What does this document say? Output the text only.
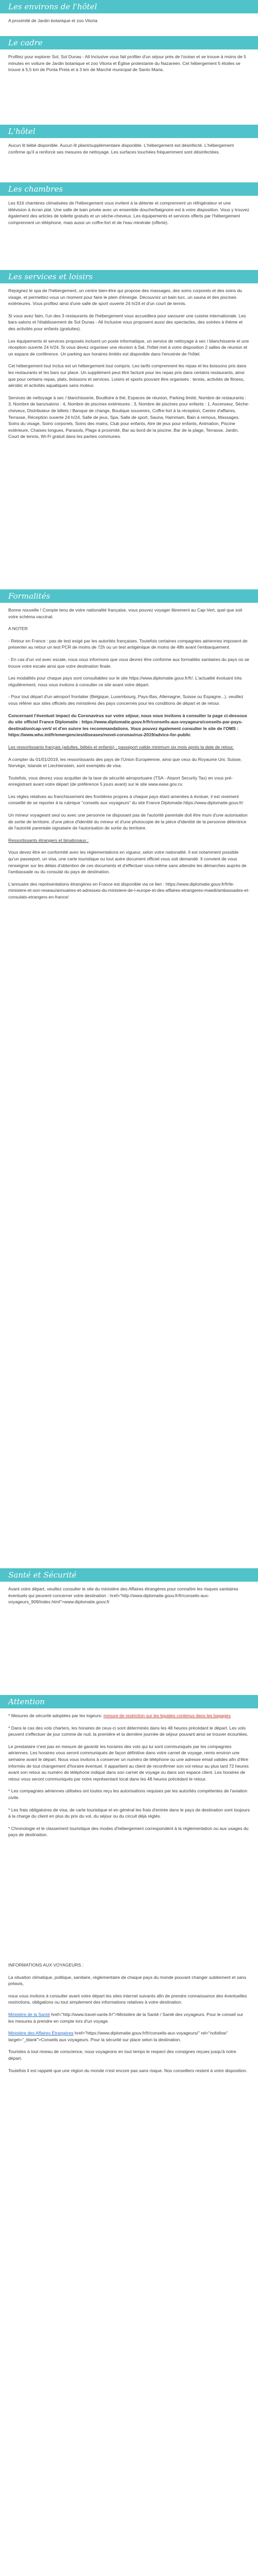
Les environs de l'hôtel

A proximité de Jardin botanique et zoo Vitoria

Le cadre

Profitez pour explorer Sol, Sol Dunas - All Inclusive vous fait profiter d'un séjour près de l'océan et se trouve à moins de 5 minutes en voiture de Jardin botanique et zoo Vitoria et Église protestante du Nazareen. Cet hébergement 5 étoiles se trouve à 5,5 km de Ponta Preta et à 3 km de Marché municipal de Santo Maria.

L'hôtel

Aucun lit bébé disponible. Aucun lit pliant/supplémentaire disponible. L'hébergement est désinfecté. L'hébergement confirme qu'il a renforcé ses mesures de nettoyage. Les surfaces touchées fréquemment sont désinfectées.

Les chambres

Les 616 chambres climatisées de l'hébergement vous invitent à la détente et comprennent un réfrigérateur et une télévision à écran plat. Une salle de bain privée avec un ensemble douche/baignoire est à votre disposition. Vous y trouvez également des articles de toilette gratuits et un sèche-cheveux. Les équipements et services offerts par l'hébergement comprennent un téléphone, mais aussi un coffre-fort et de l'eau minérale (offerte).

Les services et loisirs

Rejoignez le spa de l'hébergement, un centre bien-être qui propose des massages, des soins corporels et des soins du visage, et permettez-vous un moment pour faire le plein d'énergie. Découvrez un bain turc, un sauna et des piscines extérieures. Vous profitez ainsi d'une salle de sport ouverte 24 h/24 et d'un court de tennis.

Si vous avez faim, l'un des 3 restaurants de l'hébergement vous accueillera pour savourer une cuisine internationale. Les bars-salons et l'établissement de Sol Dunas - All Inclusive vous proposent aussi des spectacles, des soirées à thème et des activités pour enfants (gratuites).

Les équipements et services proposés incluent un poste informatique, un service de nettoyage à sec / blanchisserie et une réception ouverte 24 h/24. Si vous devez organiser une réunion à Sal, l'hôtel met à votre disposition 2 salles de réunion et un espace de conférence. Un parking aux horaires limités est disponible dans l'enceinte de l'hôtel.

Cet hébergement tout inclus est un hébergement tout compris. Les tarifs comprennent les repas et les boissons pris dans les restaurants et les bars sur place. Un supplément peut être facturé pour les repas pris dans certains restaurants, ainsi que pour certains repas, plats, boissons et services. Loisirs et sports pouvant être organisés : tennis, activités de fitness, aérobic et activités aquatiques sans moteur.

Services de nettoyage à sec / blanchisserie, Bouilloire à thé, Espaces de réunion, Parking limité, Nombre de restaurants : 3, Nombre de bars/salons : 4, Nombre de piscines extérieures : 3, Nombre de piscines pour enfants : 1, Ascenseur, Sèche-cheveux, Distributeur de billets / Banque de change, Boutique souvenirs, Coffre-fort à la réception, Centre d'affaires, Terrasse, Réception ouverte 24 h/24, Salle de jeux, Spa, Salle de sport, Sauna, Hammam, Bain à remous, Massages, Soins du visage, Soins corporels, Soins des mains, Club pour enfants, Aire de jeux pour enfants, Animation, Piscine extérieure, Chaises longues, Parasols, Plage à proximité, Bar au bord de la piscine, Bar de la plage, Terrasse, Jardin, Court de tennis, Wi-Fi gratuit dans les parties communes.

Formalités

Bonne nouvelle ! Compte tenu de votre nationalité française, vous pouvez voyager librement au Cap-Vert, quel que soit votre schéma vaccinal.

A NOTER

- Retour en France : pas de test exigé par les autorités françaises. Toutefois certaines compagnies aériennes imposent de présenter au retour un test PCR de moins de 72h ou un test antigénique de moins de 48h avant l'embarquement.

- En cas d'un vol avec escale, nous vous informons que vous devrez être conforme aux formalités sanitaires du pays où se trouve votre escale ainsi que votre destination finale.

Les modalités pour chaque pays sont consultables sur le site https://www.diplomatie.gouv.fr/fr/. L'actualité évoluant très régulièrement, nous vous invitons à consulter ce site avant votre départ.

- Pour tout départ d'un aéroport frontalier (Belgique, Luxembourg, Pays-Bas, Allemagne, Suisse ou Espagne...), veuillez vous référer aux sites officiels des ministères des pays concernés pour les conditions de départ et de retour.

Concernant l'éventuel impact du Coronavirus sur votre séjour, nous vous invitons à consulter la page ci-dessous du site officiel France Diplomatie : https://www.diplomatie.gouv.fr/fr/conseils-aux-voyageurs/conseils-par-pays-destination/cap-vert/ et d'en suivre les recommandations. Vous pouvez également consulter le site de l'OMS : https://www.who.int/fr/emergencies/diseases/novel-coronavirus-2019/advice-for-public

Les ressortissants français (adultes, bébés et enfants) : passeport valide minimum six mois après la date de retour.

A compter du 01/01/2019, les ressortissants des pays de l'Union Européenne, ainsi que ceux du Royaume Uni, Suisse, Norvège, Islande et Liechtenstein, sont exemptés de visa.

Toutefois, vous devrez vous acquitter de la taxe de sécurité aéroportuaire (TSA - Airport Security Tax) en vous pré-enregistrant avant votre départ (de préférence 5 jours avant) sur le site www.ease.gov.cv.

Les règles relatives au franchissement des frontières propres à chaque pays étant amenées à évoluer, il est vivement conseillé de se reporter à la rubrique "conseils aux voyageurs" du site France Diplomatie.https://www.diplomatie.gouv.fr/

Un mineur voyageant seul ou avec une personne ne disposant pas de l'autorité parentale doit être muni d'une autorisation de sortie de territoire, d'une pièce d'identité du mineur et d'une photocopie de la pièce d'identité de la personne détentrice de l'autorité parentale signataire de l'autorisation de sortie du territoire.

Ressortissants étrangers et binationaux :

Vous devez être en conformité avec les réglementations en vigueur, selon votre nationalité. Il est notamment possible qu'un passeport, un visa, une carte touristique ou tout autre document officiel vous soit demandé. Il convient de vous renseigner sur les délais d'obtention de ces documents et d'effectuer vous-même sans attendre les démarches auprès de l'ambassade ou du consulat du pays de destination.

L'annuaire des représentations étrangères en France est disponible via ce lien : https://www.diplomatie.gouv.fr/fr/le-ministere-et-son-reseau/annuaires-et-adresses-du-ministere-de-l-europe-et-des-affaires-etrangeres-maedi/ambassades-et-consulats-etrangers-en-france/

Santé et Sécurité

Avant votre départ, veuillez consulter le site du ministère des Affaires étrangères pour connaître les risques sanitaires éventuels qui peuvent concerner votre destination : href="http://www.diplomatie.gouv.fr/fr/conseils-aux-voyageurs_909/index.html">www.diplomatie.gouv.fr

Attention

* Mesures de sécurité adoptées par les logeurs: mesure de restriction sur les liquides contenus dans les bagages

* Dans le cas des vols charters, les horaires de ceux-ci sont déterminés dans les 48 heures précédant le départ. Les vols peuvent s'effectuer de jour comme de nuit, la première et la dernière journée de séjour pouvant ainsi se trouver écourtées.

Le prestataire n'est pas en mesure de garantir les horaires des vols qui lui sont communiqués par les compagnies aériennes. Les horaires vous seront communiqués de façon définitive dans votre carnet de voyage, remis environ une semaine avant le départ. Nous vous invitons à conserver un numéro de téléphone ou une adresse email valides afin d'être informés de tout changement d'horaire éventuel. Il appartient au client de reconfirmer son vol retour au plus tard 72 heures avant son retour au numéro de téléphone indiqué dans son carnet de voyage ou dans son espace client. Les horaires de retour vous seront communiqués par notre représentant local dans les 48 heures précédant le retour.

* Les compagnies aériennes utilisées ont toutes reçu les autorisations requises par les autorités compétentes de l'aviation civile.

* Les frais obligatoires de visa, de carte touristique et en général les frais d'entrée dans le pays de destination sont toujours à la charge du client en plus du prix du vol, du séjour ou du circuit déjà réglés.

* Chronologie et le classement touristique des modes d'hébergement correspondent à la réglementation ou aux usages du pays de destination.

INFORMATIONS AUX VOYAGEURS :

La situation climatique, politique, sanitaire, réglementaire de chaque pays du monde pouvant changer subitement et sans préavis,

nous vous invitons à consulter avant votre départ les sites internet suivants afin de prendre connaissance des éventuelles restrictions, obligations ou tout simplement des informations relatives à votre destination.

Ministère de la Santé href="http://www.travel-sante.fr/">Ministère de la Santé / Santé des voyageurs. Pour le conseil sur les mesures à prendre en compte lors d'un voyage.

Ministère des Affaires Étrangères href="https://www.diplomatie.gouv.fr/fr/conseils-aux-voyageurs/" rel="nofollow" target="_blank">Conseils aux voyageurs. Pour la sécurité sur place selon la destination.

Touristes à tout niveau de conscience, nous voyageons en tout temps le respect des consignes reçues jusqu'à notre départ.

Toutefois il est rappelé que une région du monde n'est encore pas sans risque. Nos conseillers restent à votre disposition.
